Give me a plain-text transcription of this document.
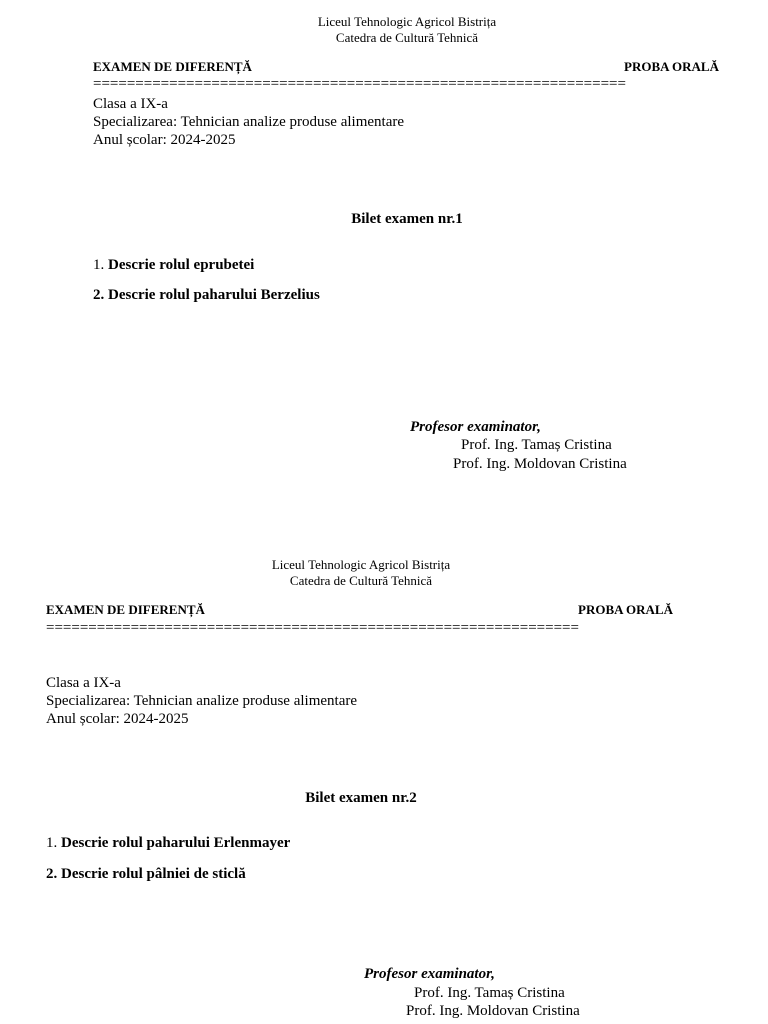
Liceul Tehnologic Agricol Bistrița
Catedra de Cultură Tehnică
EXAMEN DE DIFERENȚĂ	PROBA ORALĂ
===============================================================
Clasa a IX-a
Specializarea: Tehnician analize produse alimentare
Anul școlar: 2024-2025
Bilet examen nr.1
1. Descrie rolul eprubetei
2. Descrie rolul paharului Berzelius
Profesor examinator,
Prof. Ing. Tamaș Cristina
Prof. Ing. Moldovan Cristina
Liceul Tehnologic Agricol Bistrița
Catedra de Cultură Tehnică
EXAMEN DE DIFERENȚĂ	PROBA ORALĂ
===============================================================
Clasa a IX-a
Specializarea: Tehnician analize produse alimentare
Anul școlar: 2024-2025
Bilet examen nr.2
1. Descrie rolul paharului Erlenmayer
2. Descrie rolul pâlniei de sticlă
Profesor examinator,
Prof. Ing. Tamaș Cristina
Prof. Ing. Moldovan Cristina
